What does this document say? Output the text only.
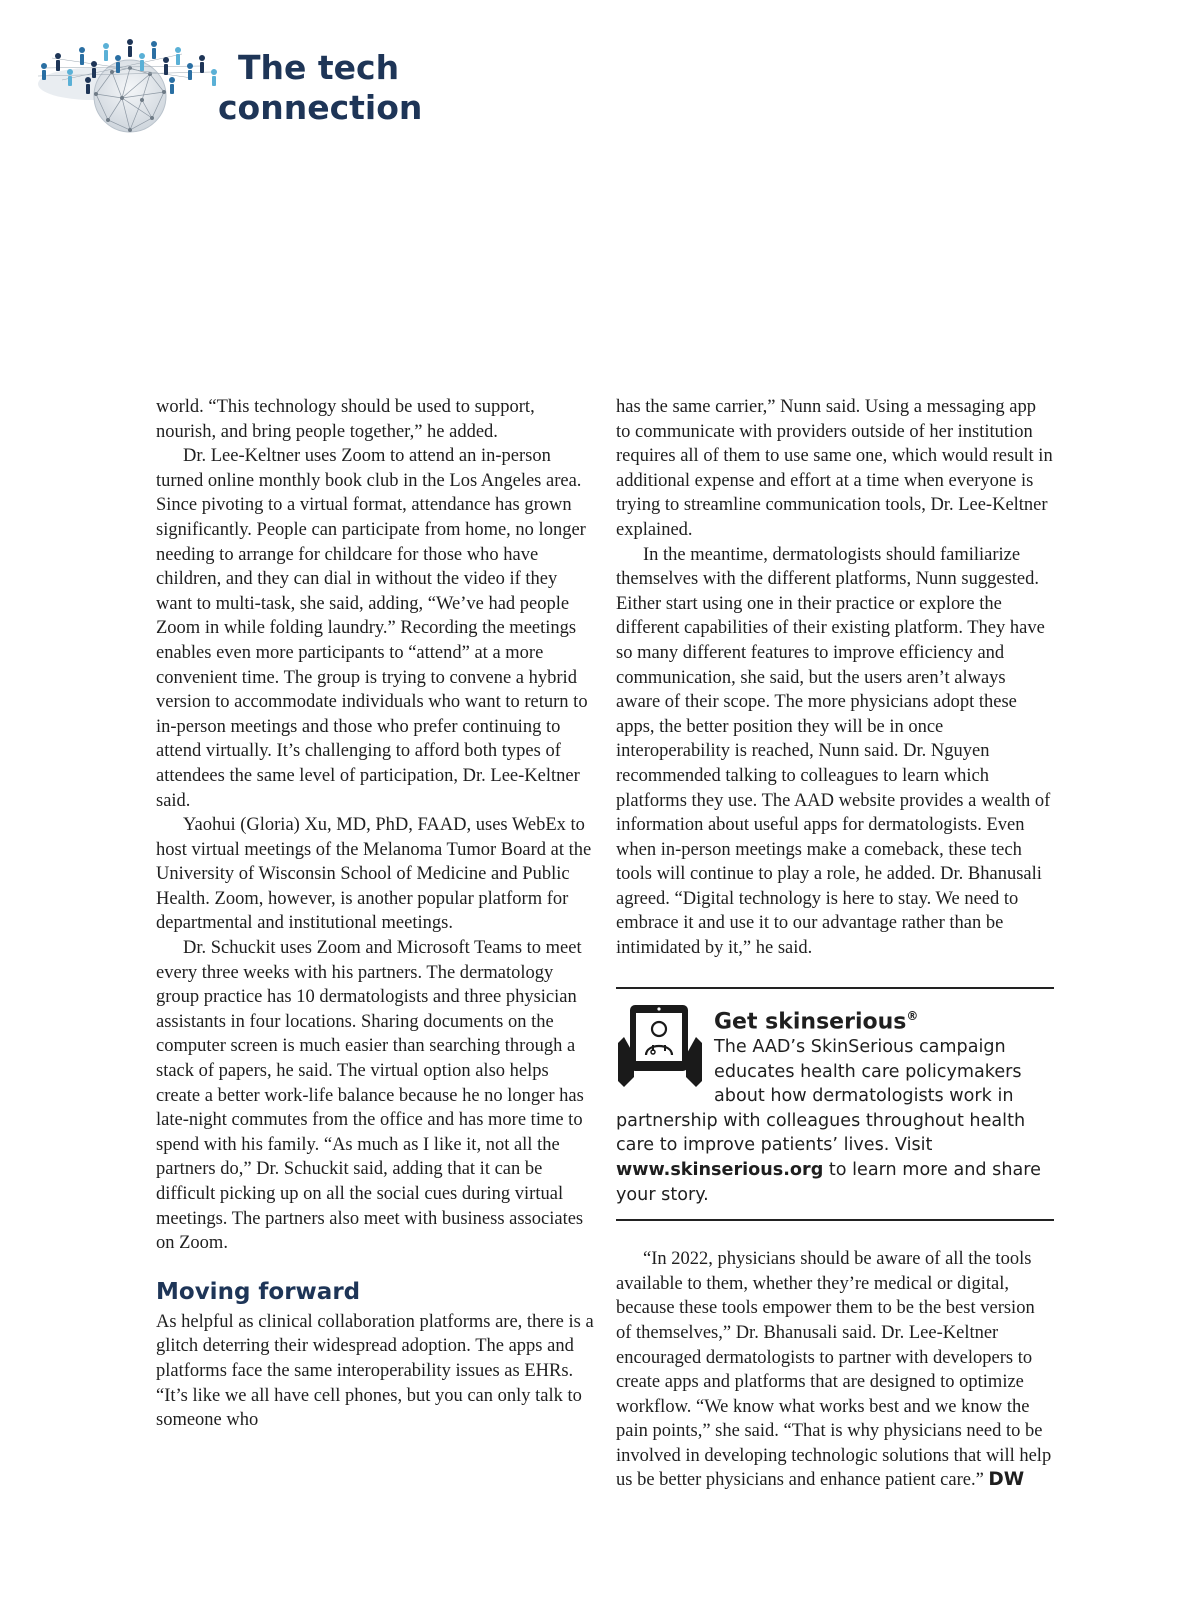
The tech
connection

world. “This technology should be used to support, nourish, and bring people together,” he added.

Dr. Lee-Keltner uses Zoom to attend an in-person turned online monthly book club in the Los Angeles area. Since pivoting to a virtual format, attendance has grown significantly. People can participate from home, no longer needing to arrange for childcare for those who have children, and they can dial in without the video if they want to multi-task, she said, adding, “We’ve had people Zoom in while folding laundry.” Recording the meetings enables even more participants to “attend” at a more convenient time. The group is trying to convene a hybrid version to accommodate individuals who want to return to in-person meetings and those who prefer continuing to attend virtually. It’s challenging to afford both types of attendees the same level of participation, Dr. Lee-Keltner said.

Yaohui (Gloria) Xu, MD, PhD, FAAD, uses WebEx to host virtual meetings of the Melanoma Tumor Board at the University of Wisconsin School of Medicine and Public Health. Zoom, however, is another popular platform for departmental and institutional meetings.

Dr. Schuckit uses Zoom and Microsoft Teams to meet every three weeks with his partners. The dermatology group practice has 10 dermatologists and three physician assistants in four locations. Sharing documents on the computer screen is much easier than searching through a stack of papers, he said. The virtual option also helps create a better work-life balance because he no longer has late-night commutes from the office and has more time to spend with his family. “As much as I like it, not all the partners do,” Dr. Schuckit said, adding that it can be difficult picking up on all the social cues during virtual meetings. The partners also meet with business associates on Zoom.

Moving forward

As helpful as clinical collaboration platforms are, there is a glitch deterring their widespread adoption. The apps and platforms face the same interoperability issues as EHRs. “It’s like we all have cell phones, but you can only talk to someone who

has the same carrier,” Nunn said. Using a messaging app to communicate with providers outside of her institution requires all of them to use same one, which would result in additional expense and effort at a time when everyone is trying to streamline communication tools, Dr. Lee-Keltner explained.

In the meantime, dermatologists should familiarize themselves with the different platforms, Nunn suggested. Either start using one in their practice or explore the different capabilities of their existing platform. They have so many different features to improve efficiency and communication, she said, but the users aren’t always aware of their scope. The more physicians adopt these apps, the better position they will be in once interoperability is reached, Nunn said. Dr. Nguyen recommended talking to colleagues to learn which platforms they use. The AAD website provides a wealth of information about useful apps for dermatologists. Even when in-person meetings make a comeback, these tech tools will continue to play a role, he added. Dr. Bhanusali agreed. “Digital technology is here to stay. We need to embrace it and use it to our advantage rather than be intimidated by it,” he said.

Get skinserious®
The AAD’s SkinSerious campaign educates health care policymakers about how dermatologists work in partnership with colleagues throughout health care to improve patients’ lives. Visit www.skinserious.org to learn more and share your story.

“In 2022, physicians should be aware of all the tools available to them, whether they’re medical or digital, because these tools empower them to be the best version of themselves,” Dr. Bhanusali said. Dr. Lee-Keltner encouraged dermatologists to partner with developers to create apps and platforms that are designed to optimize workflow. “We know what works best and we know the pain points,” she said. “That is why physicians need to be involved in developing technologic solutions that will help us be better physicians and enhance patient care.” DW
